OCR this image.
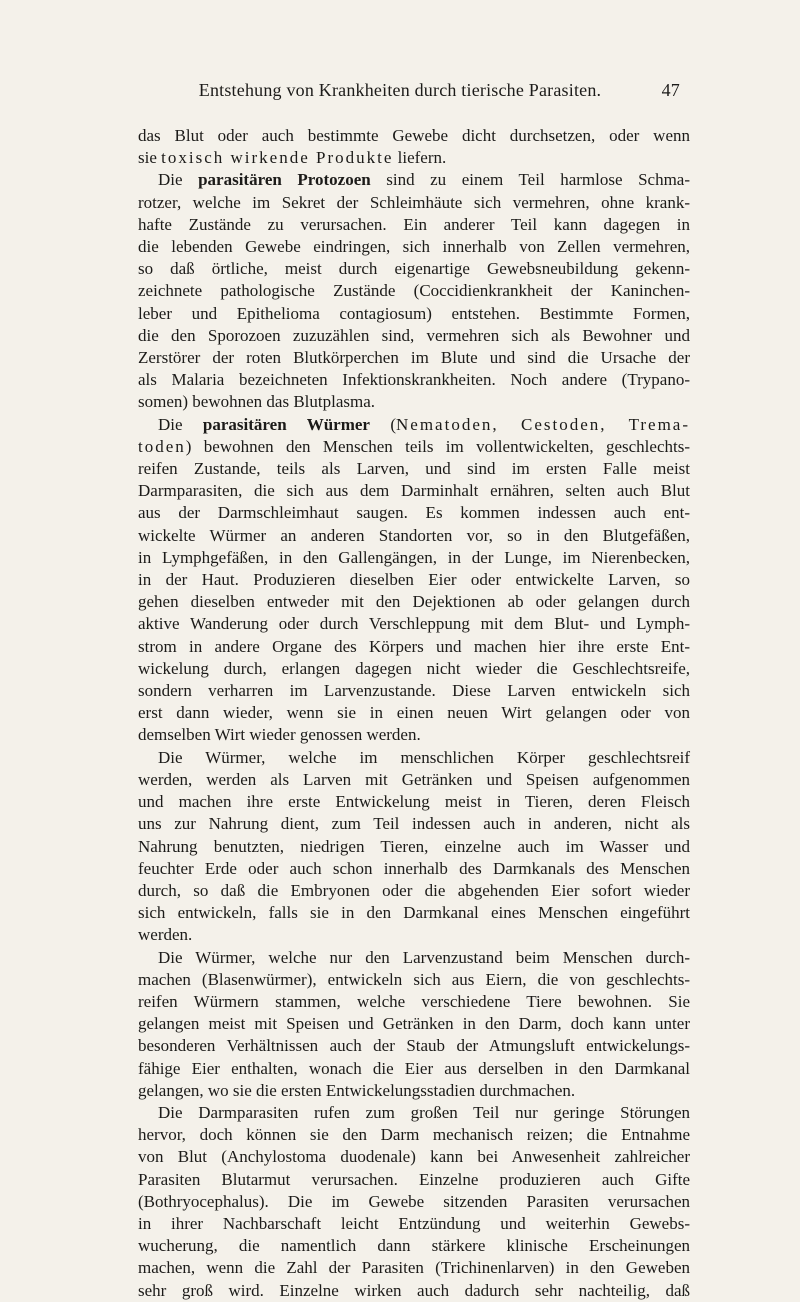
Entstehung von Krankheiten durch tierische Parasiten.	47
das Blut oder auch bestimmte Gewebe dicht durchsetzen, oder wenn
sie toxisch wirkende Produkte liefern.
Die parasitären Protozoen sind zu einem Teil harmlose Schma-
rotzer, welche im Sekret der Schleimhäute sich vermehren, ohne krank-
hafte Zustände zu verursachen. Ein anderer Teil kann dagegen in
die lebenden Gewebe eindringen, sich innerhalb von Zellen vermehren,
so daß örtliche, meist durch eigenartige Gewebsneubildung gekenn-
zeichnete pathologische Zustände (Coccidienkrankheit der Kaninchen-
leber und Epithelioma contagiosum) entstehen. Bestimmte Formen,
die den Sporozoen zuzuzählen sind, vermehren sich als Bewohner und
Zerstörer der roten Blutkörperchen im Blute und sind die Ursache der
als Malaria bezeichneten Infektionskrankheiten. Noch andere (Trypano-
somen) bewohnen das Blutplasma.
Die parasitären Würmer (Nematoden, Cestoden, Trema-
toden) bewohnen den Menschen teils im vollentwickelten, geschlechts-
reifen Zustande, teils als Larven, und sind im ersten Falle meist
Darmparasiten, die sich aus dem Darminhalt ernähren, selten auch Blut
aus der Darmschleimhaut saugen. Es kommen indessen auch ent-
wickelte Würmer an anderen Standorten vor, so in den Blutgefäßen,
in Lymphgefäßen, in den Gallengängen, in der Lunge, im Nierenbecken,
in der Haut. Produzieren dieselben Eier oder entwickelte Larven, so
gehen dieselben entweder mit den Dejektionen ab oder gelangen durch
aktive Wanderung oder durch Verschleppung mit dem Blut- und Lymph-
strom in andere Organe des Körpers und machen hier ihre erste Ent-
wickelung durch, erlangen dagegen nicht wieder die Geschlechtsreife,
sondern verharren im Larvenzustande. Diese Larven entwickeln sich
erst dann wieder, wenn sie in einen neuen Wirt gelangen oder von
demselben Wirt wieder genossen werden.
Die Würmer, welche im menschlichen Körper geschlechtsreif
werden, werden als Larven mit Getränken und Speisen aufgenommen
und machen ihre erste Entwickelung meist in Tieren, deren Fleisch
uns zur Nahrung dient, zum Teil indessen auch in anderen, nicht als
Nahrung benutzten, niedrigen Tieren, einzelne auch im Wasser und
feuchter Erde oder auch schon innerhalb des Darmkanals des Menschen
durch, so daß die Embryonen oder die abgehenden Eier sofort wieder
sich entwickeln, falls sie in den Darmkanal eines Menschen eingeführt
werden.
Die Würmer, welche nur den Larvenzustand beim Menschen durch-
machen (Blasenwürmer), entwickeln sich aus Eiern, die von geschlechts-
reifen Würmern stammen, welche verschiedene Tiere bewohnen. Sie
gelangen meist mit Speisen und Getränken in den Darm, doch kann unter
besonderen Verhältnissen auch der Staub der Atmungsluft entwickelungs-
fähige Eier enthalten, wonach die Eier aus derselben in den Darmkanal
gelangen, wo sie die ersten Entwickelungsstadien durchmachen.
Die Darmparasiten rufen zum großen Teil nur geringe Störungen
hervor, doch können sie den Darm mechanisch reizen; die Entnahme
von Blut (Anchylostoma duodenale) kann bei Anwesenheit zahlreicher
Parasiten Blutarmut verursachen. Einzelne produzieren auch Gifte
(Bothryocephalus). Die im Gewebe sitzenden Parasiten verursachen
in ihrer Nachbarschaft leicht Entzündung und weiterhin Gewebs-
wucherung, die namentlich dann stärkere klinische Erscheinungen
machen, wenn die Zahl der Parasiten (Trichinenlarven) in den Geweben
sehr groß wird. Einzelne wirken auch dadurch sehr nachteilig, daß
